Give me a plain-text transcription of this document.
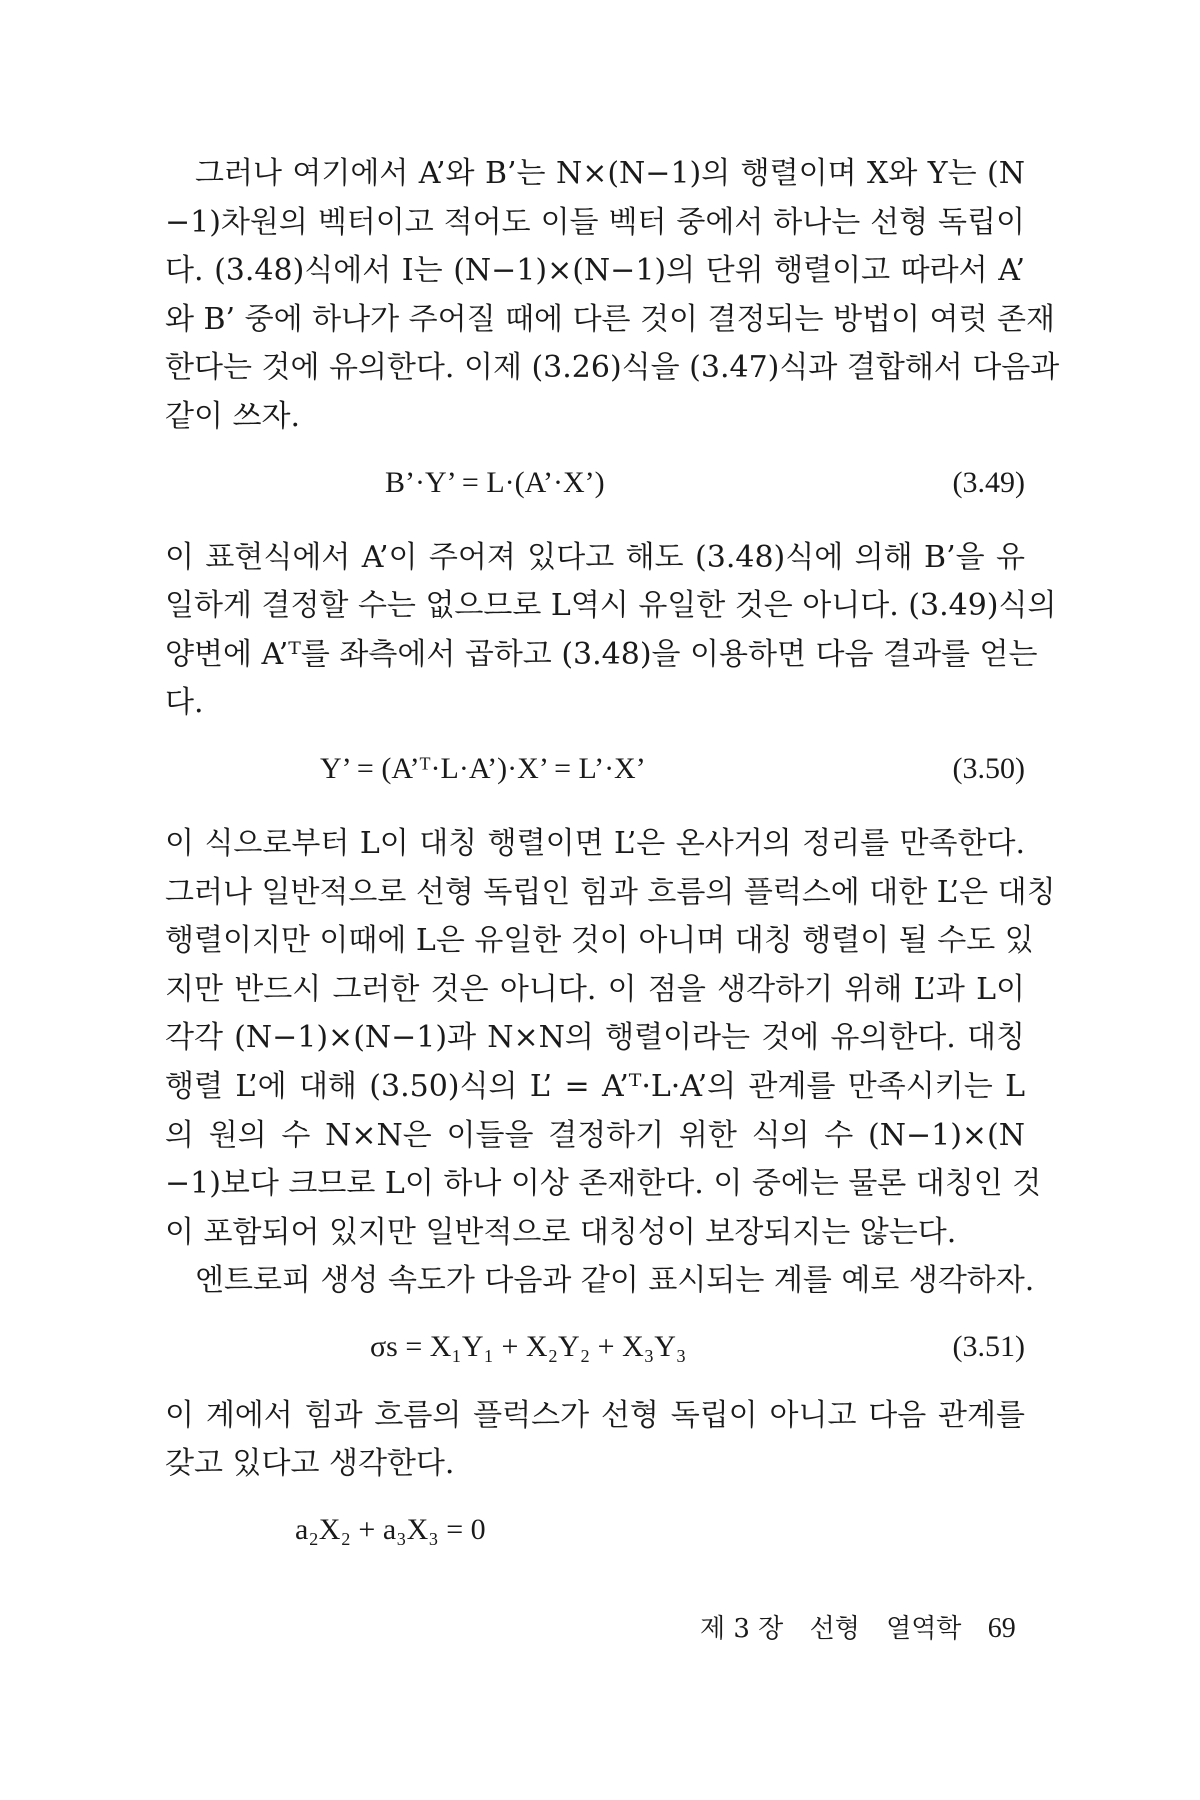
그러나 여기에서 A’와 B’는 N×(N−1)의 행렬이며 X와 Y는 (N
−1)차원의 벡터이고 적어도 이들 벡터 중에서 하나는 선형 독립이
다. (3.48)식에서 I는 (N−1)×(N−1)의 단위 행렬이고 따라서 A’
와 B’ 중에 하나가 주어질 때에 다른 것이 결정되는 방법이 여럿 존재
한다는 것에 유의한다. 이제 (3.26)식을 (3.47)식과 결합해서 다음과
같이 쓰자.

B’·Y’ = L·(A’·X’)	(3.49)

이 표현식에서 A’이 주어져 있다고 해도 (3.48)식에 의해 B’을 유
일하게 결정할 수는 없으므로 L역시 유일한 것은 아니다. (3.49)식의
양변에 A’ᵀ를 좌측에서 곱하고 (3.48)을 이용하면 다음 결과를 얻는
다.

Y’ = (A’ᵀ·L·A’)·X’ = L’·X’	(3.50)

이 식으로부터 L이 대칭 행렬이면 L’은 온사거의 정리를 만족한다.
그러나 일반적으로 선형 독립인 힘과 흐름의 플럭스에 대한 L’은 대칭
행렬이지만 이때에 L은 유일한 것이 아니며 대칭 행렬이 될 수도 있
지만 반드시 그러한 것은 아니다. 이 점을 생각하기 위해 L’과 L이
각각 (N−1)×(N−1)과 N×N의 행렬이라는 것에 유의한다. 대칭
행렬 L’에 대해 (3.50)식의 L’ = A’ᵀ·L·A’의 관계를 만족시키는 L
의 원의 수 N×N은 이들을 결정하기 위한 식의 수 (N−1)×(N
−1)보다 크므로 L이 하나 이상 존재한다. 이 중에는 물론 대칭인 것
이 포함되어 있지만 일반적으로 대칭성이 보장되지는 않는다.

엔트로피 생성 속도가 다음과 같이 표시되는 계를 예로 생각하자.

σs = X₁Y₁ + X₂Y₂ + X₃Y₃	(3.51)

이 계에서 힘과 흐름의 플럭스가 선형 독립이 아니고 다음 관계를
갖고 있다고 생각한다.

a₂X₂ + a₃X₃ = 0
제 3 장 선형 열역학 69
